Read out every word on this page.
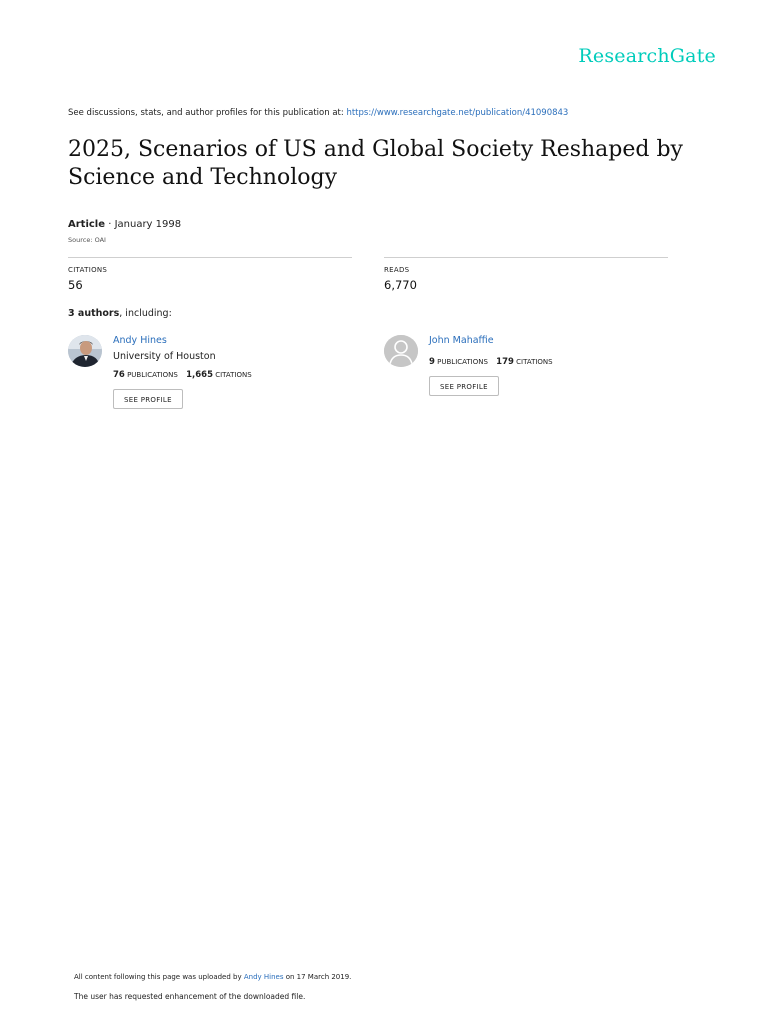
ResearchGate
See discussions, stats, and author profiles for this publication at: https://www.researchgate.net/publication/41090843
2025, Scenarios of US and Global Society Reshaped by Science and Technology
Article · January 1998
Source: OAI
CITATIONS
56
READS
6,770
3 authors, including:
Andy Hines
University of Houston
76 PUBLICATIONS 1,665 CITATIONS
SEE PROFILE
John Mahaffie
9 PUBLICATIONS 179 CITATIONS
SEE PROFILE
All content following this page was uploaded by Andy Hines on 17 March 2019.
The user has requested enhancement of the downloaded file.
